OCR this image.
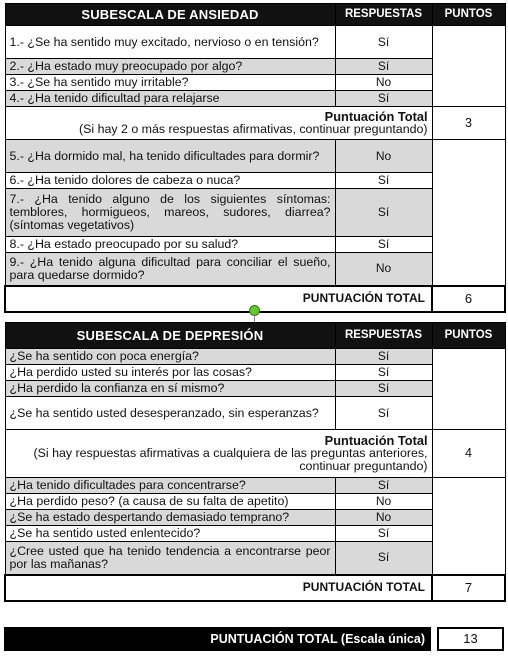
SUBESCALA DE ANSIEDAD	RESPUESTAS	PUNTOS
1.- ¿Se ha sentido muy excitado, nervioso o en tensión?	Sí	
2.- ¿Ha estado muy preocupado por algo?	Sí	
3.- ¿Se ha sentido muy irritable?	No	
4.- ¿Ha tenido dificultad para relajarse	Sí	

Puntuación Total
(Si hay 2 o más respuestas afirmativas, continuar preguntando)		3
5.- ¿Ha dormido mal, ha tenido dificultades para dormir?	No	
6.- ¿Ha tenido dolores de cabeza o nuca?	Sí	
7.- ¿Ha tenido alguno de los siguientes síntomas: temblores, hormigueos, mareos, sudores, diarrea? (síntomas vegetativos)	Sí	
8.- ¿Ha estado preocupado por su salud?	Sí	
9.- ¿Ha tenido alguna dificultad para conciliar el sueño, para quedarse dormido?	No	
PUNTUACIÓN TOTAL		6
SUBESCALA DE DEPRESIÓN	RESPUESTAS	PUNTOS
¿Se ha sentido con poca energía?	Sí	
¿Ha perdido usted su interés por las cosas?	Sí	
¿Ha perdido la confianza en sí mismo?	Sí	
¿Se ha sentido usted desesperanzado, sin esperanzas?	Sí	

Puntuación Total
(Si hay respuestas afirmativas a cualquiera de las preguntas anteriores, continuar preguntando)		4
¿Ha tenido dificultades para concentrarse?	Sí	
¿Ha perdido peso? (a causa de su falta de apetito)	No	
¿Se ha estado despertando demasiado temprano?	No	
¿Se ha sentido usted enlentecido?	Sí	
¿Cree usted que ha tenido tendencia a encontrarse peor por las mañanas?	Sí	
PUNTUACIÓN TOTAL		7
PUNTUACIÓN TOTAL (Escala única)	13
